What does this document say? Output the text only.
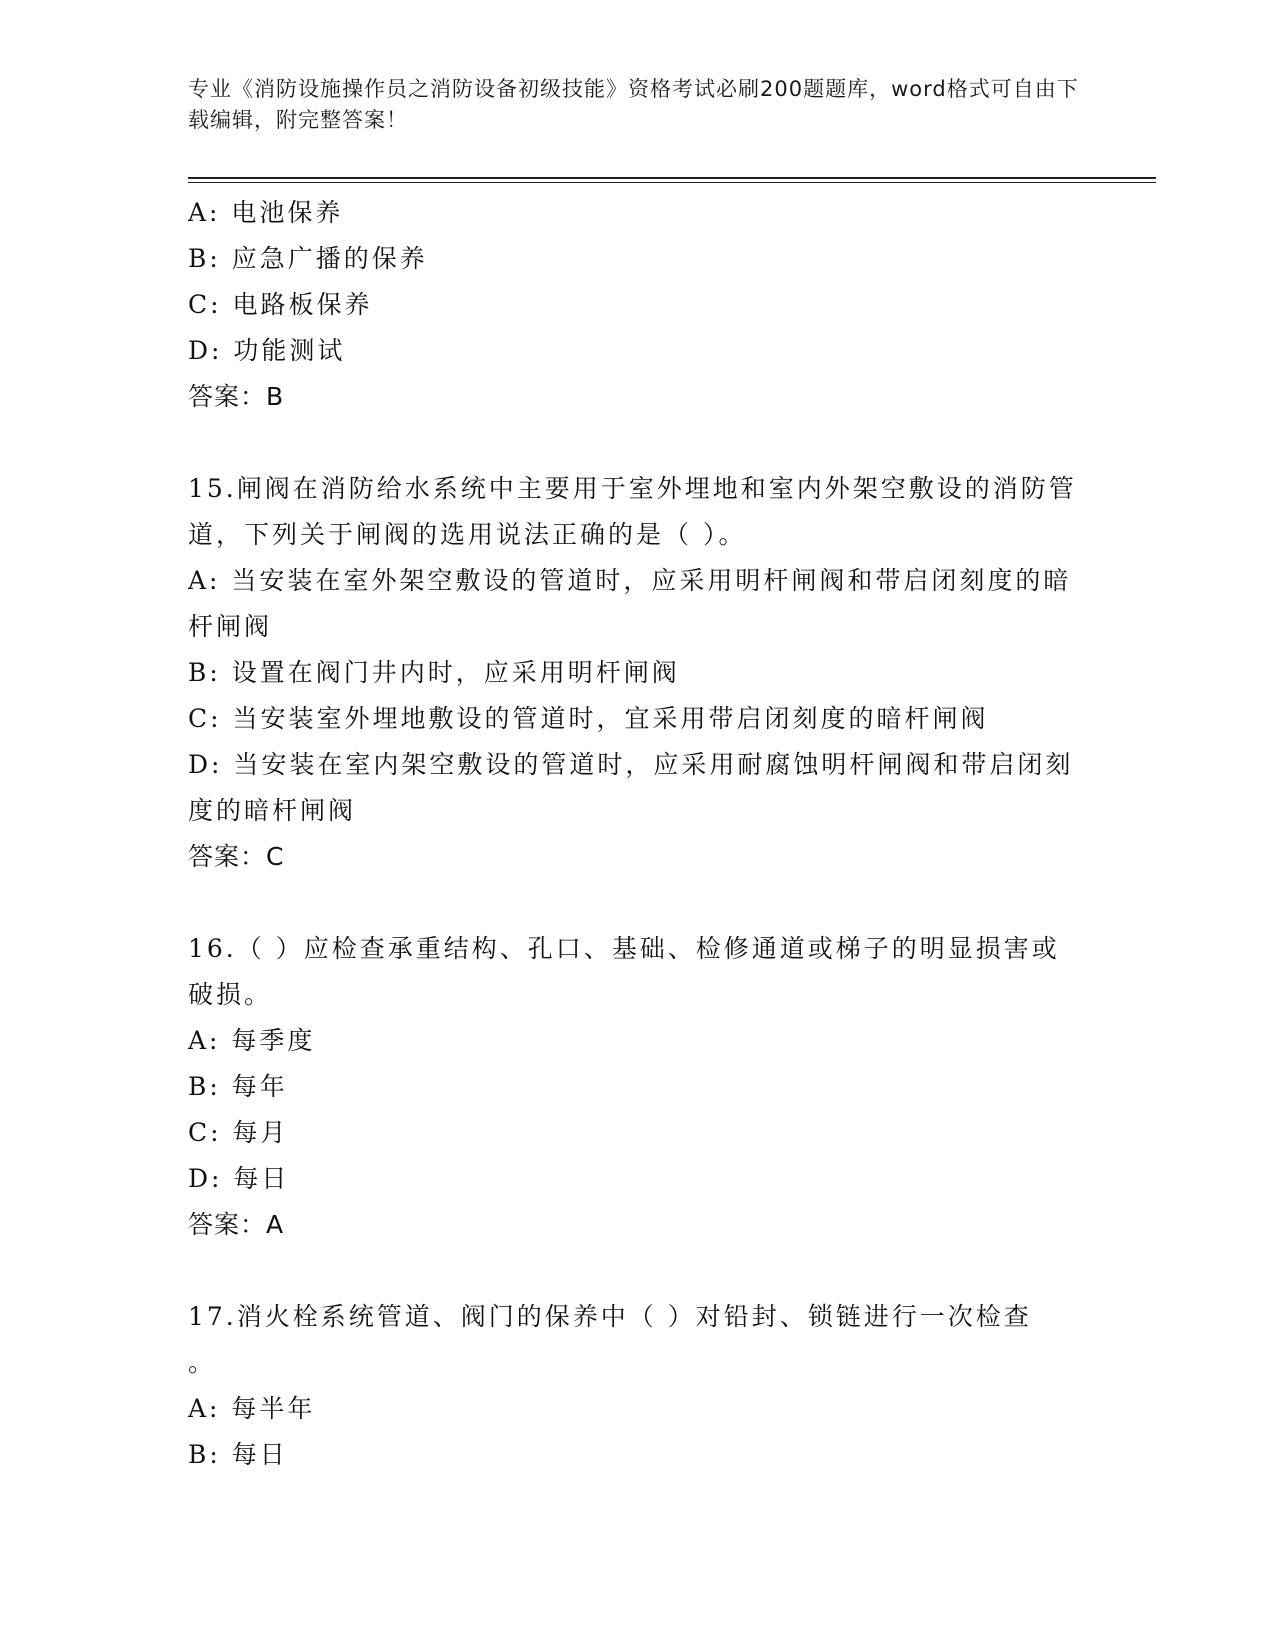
专业《消防设施操作员之消防设备初级技能》资格考试必刷200题题库，word格式可自由下载编辑，附完整答案！
A: 电池保养
B: 应急广播的保养
C: 电路板保养
D: 功能测试
答案：B
15.闸阀在消防给水系统中主要用于室外埋地和室内外架空敷设的消防管道，下列关于闸阀的选用说法正确的是（ ）。
A: 当安装在室外架空敷设的管道时，应采用明杆闸阀和带启闭刻度的暗杆闸阀
B: 设置在阀门井内时，应采用明杆闸阀
C: 当安装室外埋地敷设的管道时，宜采用带启闭刻度的暗杆闸阀
D: 当安装在室内架空敷设的管道时，应采用耐腐蚀明杆闸阀和带启闭刻度的暗杆闸阀
答案：C
16.（ ）应检查承重结构、孔口、基础、检修通道或梯子的明显损害或破损。
A: 每季度
B: 每年
C: 每月
D: 每日
答案：A
17.消火栓系统管道、阀门的保养中（ ）对铅封、锁链进行一次检查
。
A: 每半年
B: 每日
